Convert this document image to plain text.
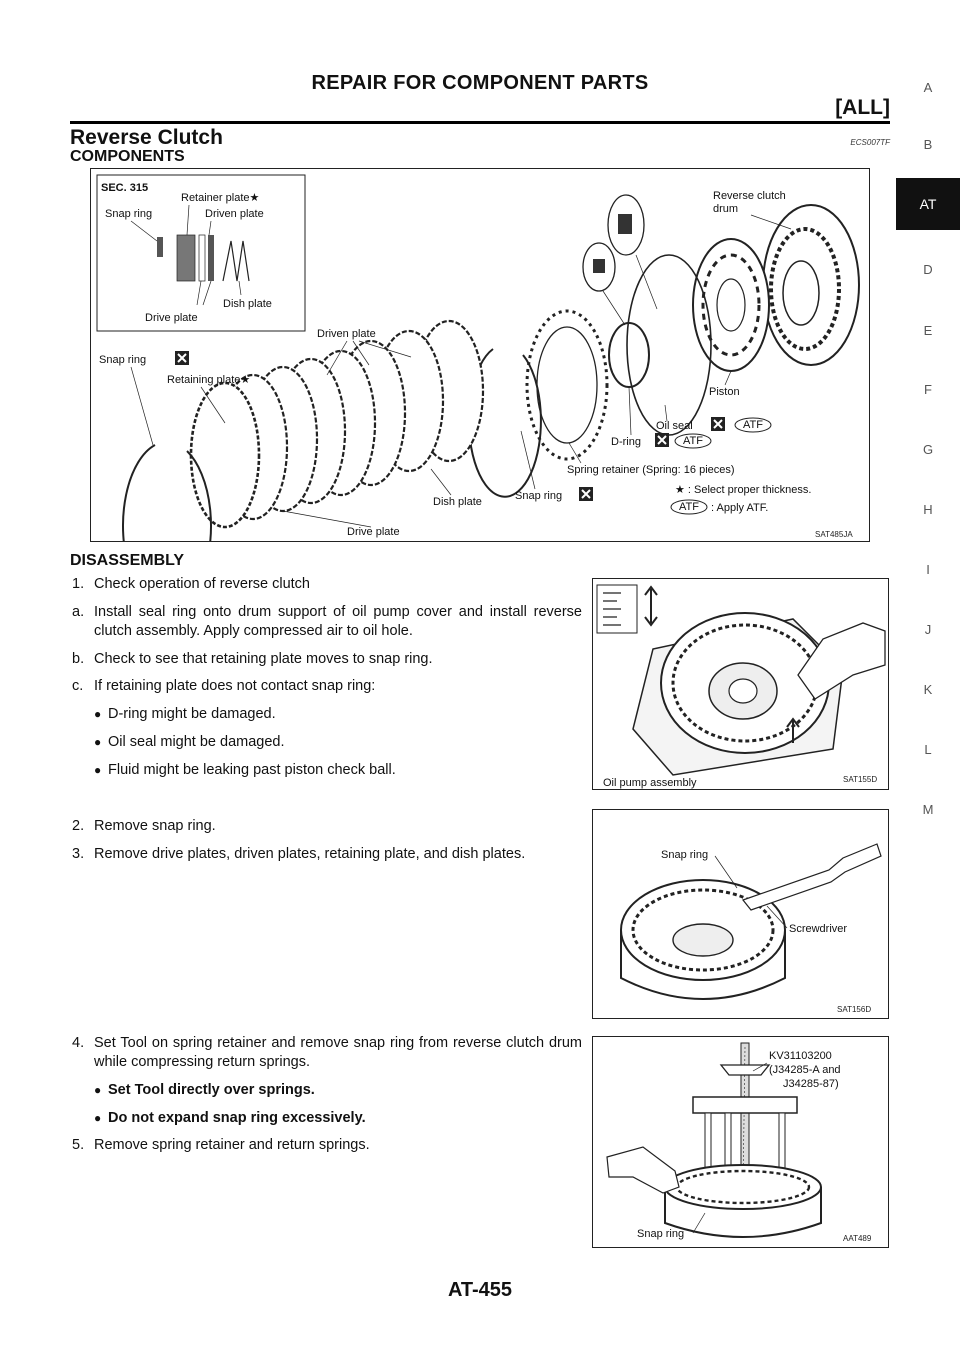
REPAIR FOR COMPONENT PARTS
[ALL]
Reverse Clutch	ECS007TF
COMPONENTS
SEC. 315
Retainer plate★
Snap ring	Driven plate
Dish plate
Drive plate
Reverse clutch
drum
Piston
Oil seal
D-ring
Spring retainer (Spring: 16 pieces)
Snap ring
Driven plate
Retaining plate★
Dish plate
Drive plate
Snap ring
ATF
ATF
★ : Select proper thickness.
ATF : Apply ATF.
SAT485JA
DISASSEMBLY
1. Check operation of reverse clutch
a. Install seal ring onto drum support of oil pump cover and install reverse clutch assembly. Apply compressed air to oil hole.
b. Check to see that retaining plate moves to snap ring.
c. If retaining plate does not contact snap ring:
● D-ring might be damaged.
● Oil seal might be damaged.
● Fluid might be leaking past piston check ball.
Oil pump assembly	SAT155D
2. Remove snap ring.
3. Remove drive plates, driven plates, retaining plate, and dish plates.	Snap ring
Screwdriver
SAT156D
4. Set Tool on spring retainer and remove snap ring from reverse clutch drum while compressing return springs.
● Set Tool directly over springs.
● Do not expand snap ring excessively.
5. Remove spring retainer and return springs.
KV31103200
(J34285-A and
J34285-87)
Snap ring	AAT489
A
B
AT
D
E
F
G
H
I
J
K
L
M
AT-455
